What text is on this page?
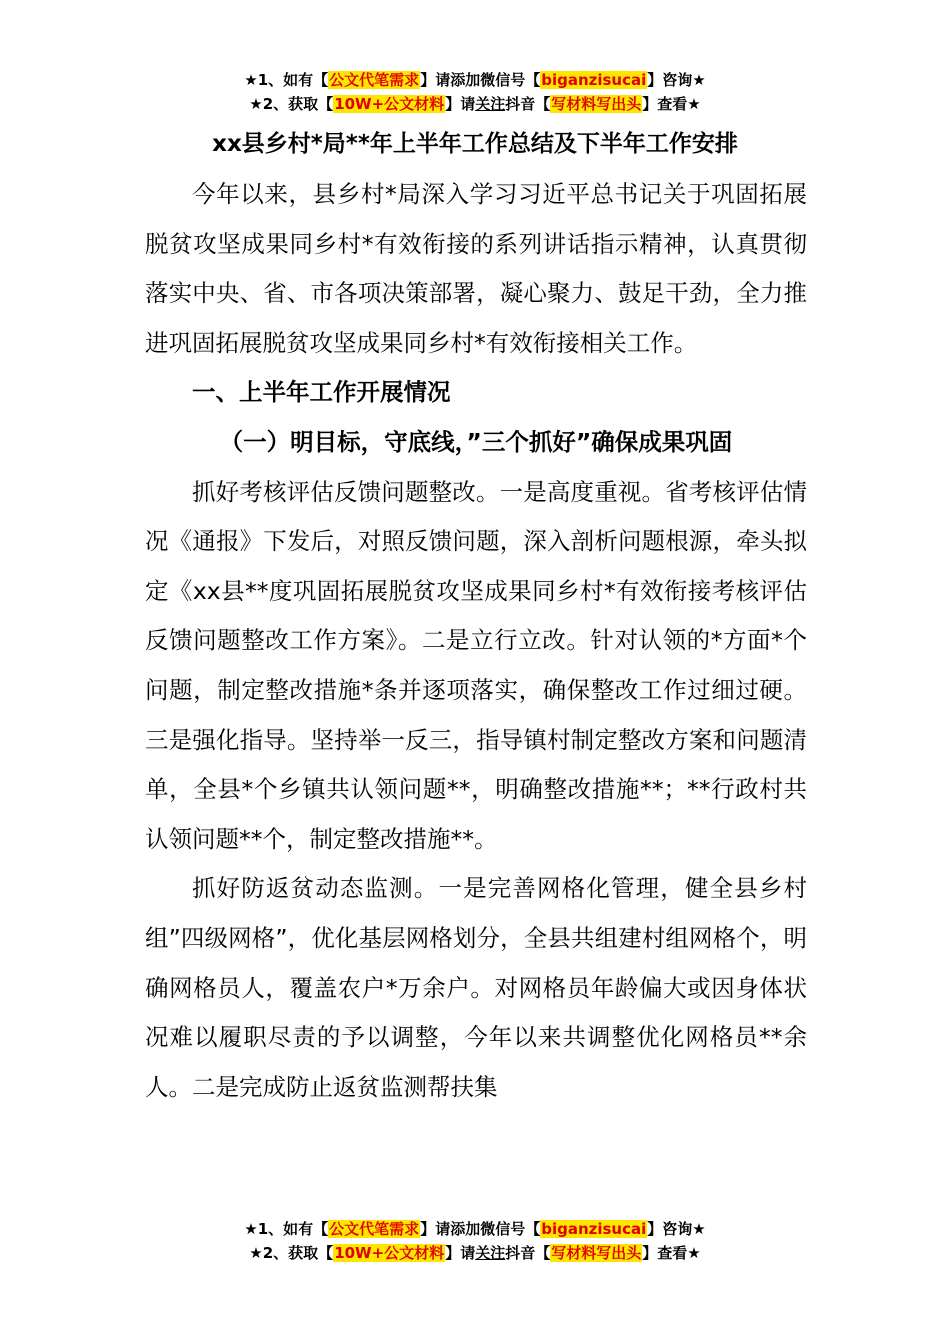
★1、如有【公文代笔需求】请添加微信号【biganzisucai】咨询★
★2、获取【10W+公文材料】请关注抖音【写材料写出头】查看★
xx县乡村*局**年上半年工作总结及下半年工作安排

今年以来，县乡村*局深入学习习近平总书记关于巩固拓展脱贫攻坚成果同乡村*有效衔接的系列讲话指示精神，认真贯彻落实中央、省、市各项决策部署，凝心聚力、鼓足干劲，全力推进巩固拓展脱贫攻坚成果同乡村*有效衔接相关工作。

一、上半年工作开展情况

（一）明目标，守底线，”三个抓好”确保成果巩固

抓好考核评估反馈问题整改。一是高度重视。省考核评估情况《通报》下发后，对照反馈问题，深入剖析问题根源，牵头拟定《xx县**度巩固拓展脱贫攻坚成果同乡村*有效衔接考核评估反馈问题整改工作方案》。二是立行立改。针对认领的*方面*个问题，制定整改措施*条并逐项落实，确保整改工作过细过硬。三是强化指导。坚持举一反三，指导镇村制定整改方案和问题清单，全县*个乡镇共认领问题**，明确整改措施**；**行政村共认领问题**个，制定整改措施**。

抓好防返贫动态监测。一是完善网格化管理，健全县乡村组”四级网格”，优化基层网格划分，全县共组建村组网格个，明确网格员人，覆盖农户*万余户。对网格员年龄偏大或因身体状况难以履职尽责的予以调整，今年以来共调整优化网格员**余人。二是完成防止返贫监测帮扶集

★1、如有【公文代笔需求】请添加微信号【biganzisucai】咨询★
★2、获取【10W+公文材料】请关注抖音【写材料写出头】查看★
